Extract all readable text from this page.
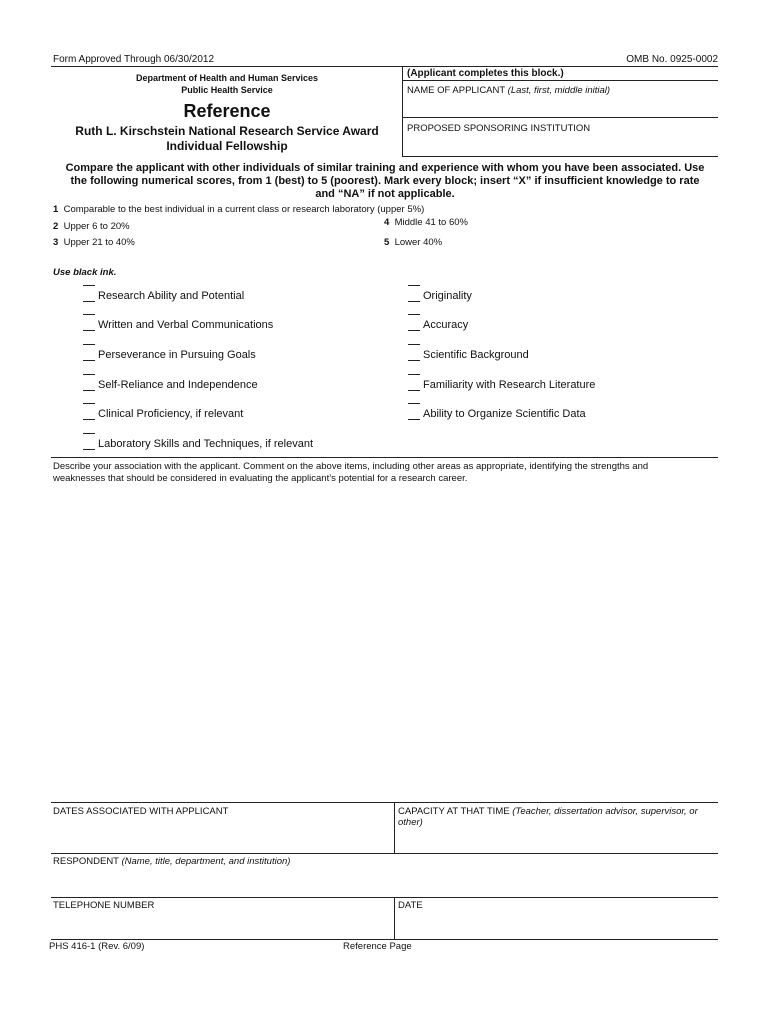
Form Approved Through 06/30/2012	OMB No. 0925-0002
Department of Health and Human Services
Public Health Service
Reference
Ruth L. Kirschstein National Research Service Award
Individual Fellowship
(Applicant completes this block.)
NAME OF APPLICANT (Last, first, middle initial)
PROPOSED SPONSORING INSTITUTION
Compare the applicant with other individuals of similar training and experience with whom you have been associated. Use
the following numerical scores, from 1 (best) to 5 (poorest). Mark every block; insert “X” if insufficient knowledge to rate
and “NA” if not applicable.
1 Comparable to the best individual in a current class or research laboratory (upper 5%)
2 Upper 6 to 20%
3 Upper 21 to 40%
4 Middle 41 to 60%
5 Lower 40%
Use black ink.
Research Ability and Potential
Written and Verbal Communications
Perseverance in Pursuing Goals
Self-Reliance and Independence
Clinical Proficiency, if relevant
Laboratory Skills and Techniques, if relevant
Originality
Accuracy
Scientific Background
Familiarity with Research Literature
Ability to Organize Scientific Data
Describe your association with the applicant. Comment on the above items, including other areas as appropriate, identifying the strengths and
weaknesses that should be considered in evaluating the applicant’s potential for a research career.
DATES ASSOCIATED WITH APPLICANT	CAPACITY AT THAT TIME (Teacher, dissertation advisor, supervisor, or
other)
RESPONDENT (Name, title, department, and institution)
TELEPHONE NUMBER	DATE
PHS 416-1 (Rev. 6/09)	Reference Page
